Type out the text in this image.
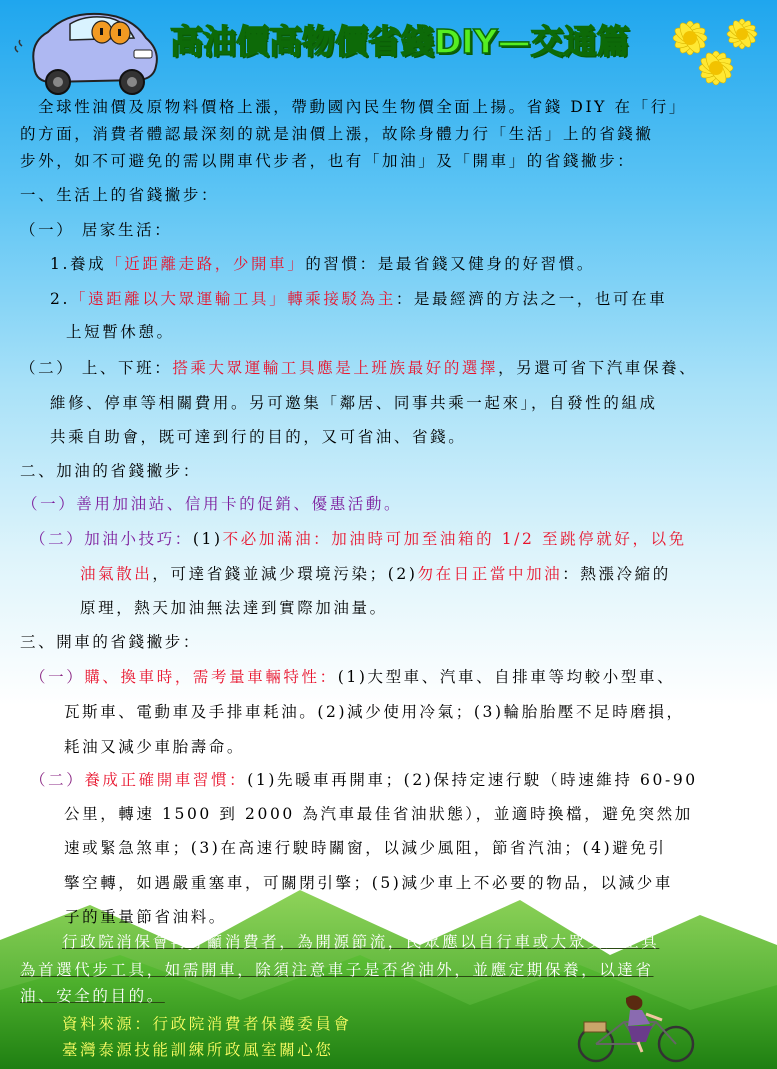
高油價高物價省錢DIY—交通篇
全球性油價及原物料價格上漲，帶動國內民生物價全面上揚。省錢 DIY 在「行」
的方面，消費者體認最深刻的就是油價上漲，故除身體力行「生活」上的省錢撇
步外，如不可避免的需以開車代步者，也有「加油」及「開車」的省錢撇步：
一、生活上的省錢撇步：
（一） 居家生活：
1.養成「近距離走路，少開車」的習慣：是最省錢又健身的好習慣。
2.「遠距離以大眾運輸工具」轉乘接駁為主：是最經濟的方法之一，也可在車
上短暫休憩。
（二） 上、下班：搭乘大眾運輸工具應是上班族最好的選擇，另還可省下汽車保養、
維修、停車等相關費用。另可邀集「鄰居、同事共乘一起來」，自發性的組成
共乘自助會，既可達到行的目的，又可省油、省錢。
二、加油的省錢撇步：
（一）善用加油站、信用卡的促銷、優惠活動。
（二）加油小技巧：(1)不必加滿油：加油時可加至油箱的 1/2 至跳停就好，以免
油氣散出，可達省錢並減少環境污染；(2)勿在日正當中加油：熱漲冷縮的
原理，熱天加油無法達到實際加油量。
三、開車的省錢撇步：
（一）購、換車時，需考量車輛特性：(1)大型車、汽車、自排車等均較小型車、
瓦斯車、電動車及手排車耗油。(2)減少使用冷氣；(3)輪胎胎壓不足時磨損，
耗油又減少車胎壽命。
（二）養成正確開車習慣：(1)先暖車再開車；(2)保持定速行駛（時速維持 60-90
公里，轉速 1500 到 2000 為汽車最佳省油狀態），並適時換檔，避免突然加
速或緊急煞車；(3)在高速行駛時關窗，以減少風阻，節省汽油；(4)避免引
擎空轉，如遇嚴重塞車，可關閉引擎；(5)減少車上不必要的物品，以減少車
子的重量節省油料。
行政院消保會再呼籲消費者，為開源節流，民眾應以自行車或大眾交通工具
為首選代步工具，如需開車，除須注意車子是否省油外，並應定期保養，以達省
油、安全的目的。
資料來源：行政院消費者保護委員會
臺灣泰源技能訓練所政風室關心您
